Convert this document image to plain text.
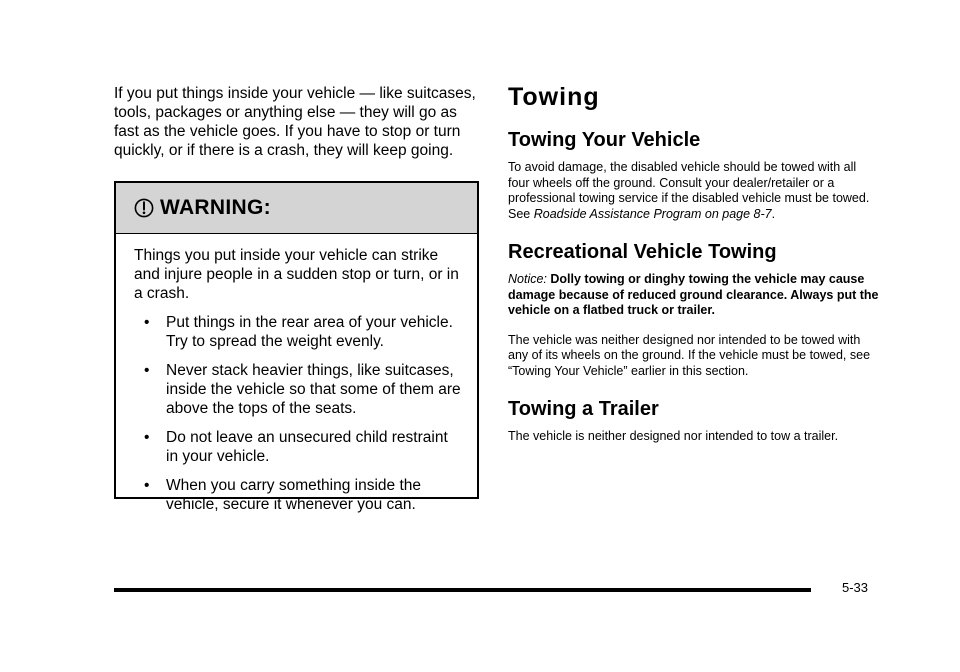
If you put things inside your vehicle — like suitcases, tools, packages or anything else — they will go as fast as the vehicle goes. If you have to stop or turn quickly, or if there is a crash, they will keep going.

WARNING:

Things you put inside your vehicle can strike and injure people in a sudden stop or turn, or in a crash.

• Put things in the rear area of your vehicle. Try to spread the weight evenly.
• Never stack heavier things, like suitcases, inside the vehicle so that some of them are above the tops of the seats.
• Do not leave an unsecured child restraint in your vehicle.
• When you carry something inside the vehicle, secure it whenever you can.
Towing
Towing Your Vehicle

To avoid damage, the disabled vehicle should be towed with all four wheels off the ground. Consult your dealer/retailer or a professional towing service if the disabled vehicle must be towed. See Roadside Assistance Program on page 8-7.

Recreational Vehicle Towing

Notice: Dolly towing or dinghy towing the vehicle may cause damage because of reduced ground clearance. Always put the vehicle on a flatbed truck or trailer.

The vehicle was neither designed nor intended to be towed with any of its wheels on the ground. If the vehicle must be towed, see “Towing Your Vehicle” earlier in this section.

Towing a Trailer

The vehicle is neither designed nor intended to tow a trailer.

5-33
